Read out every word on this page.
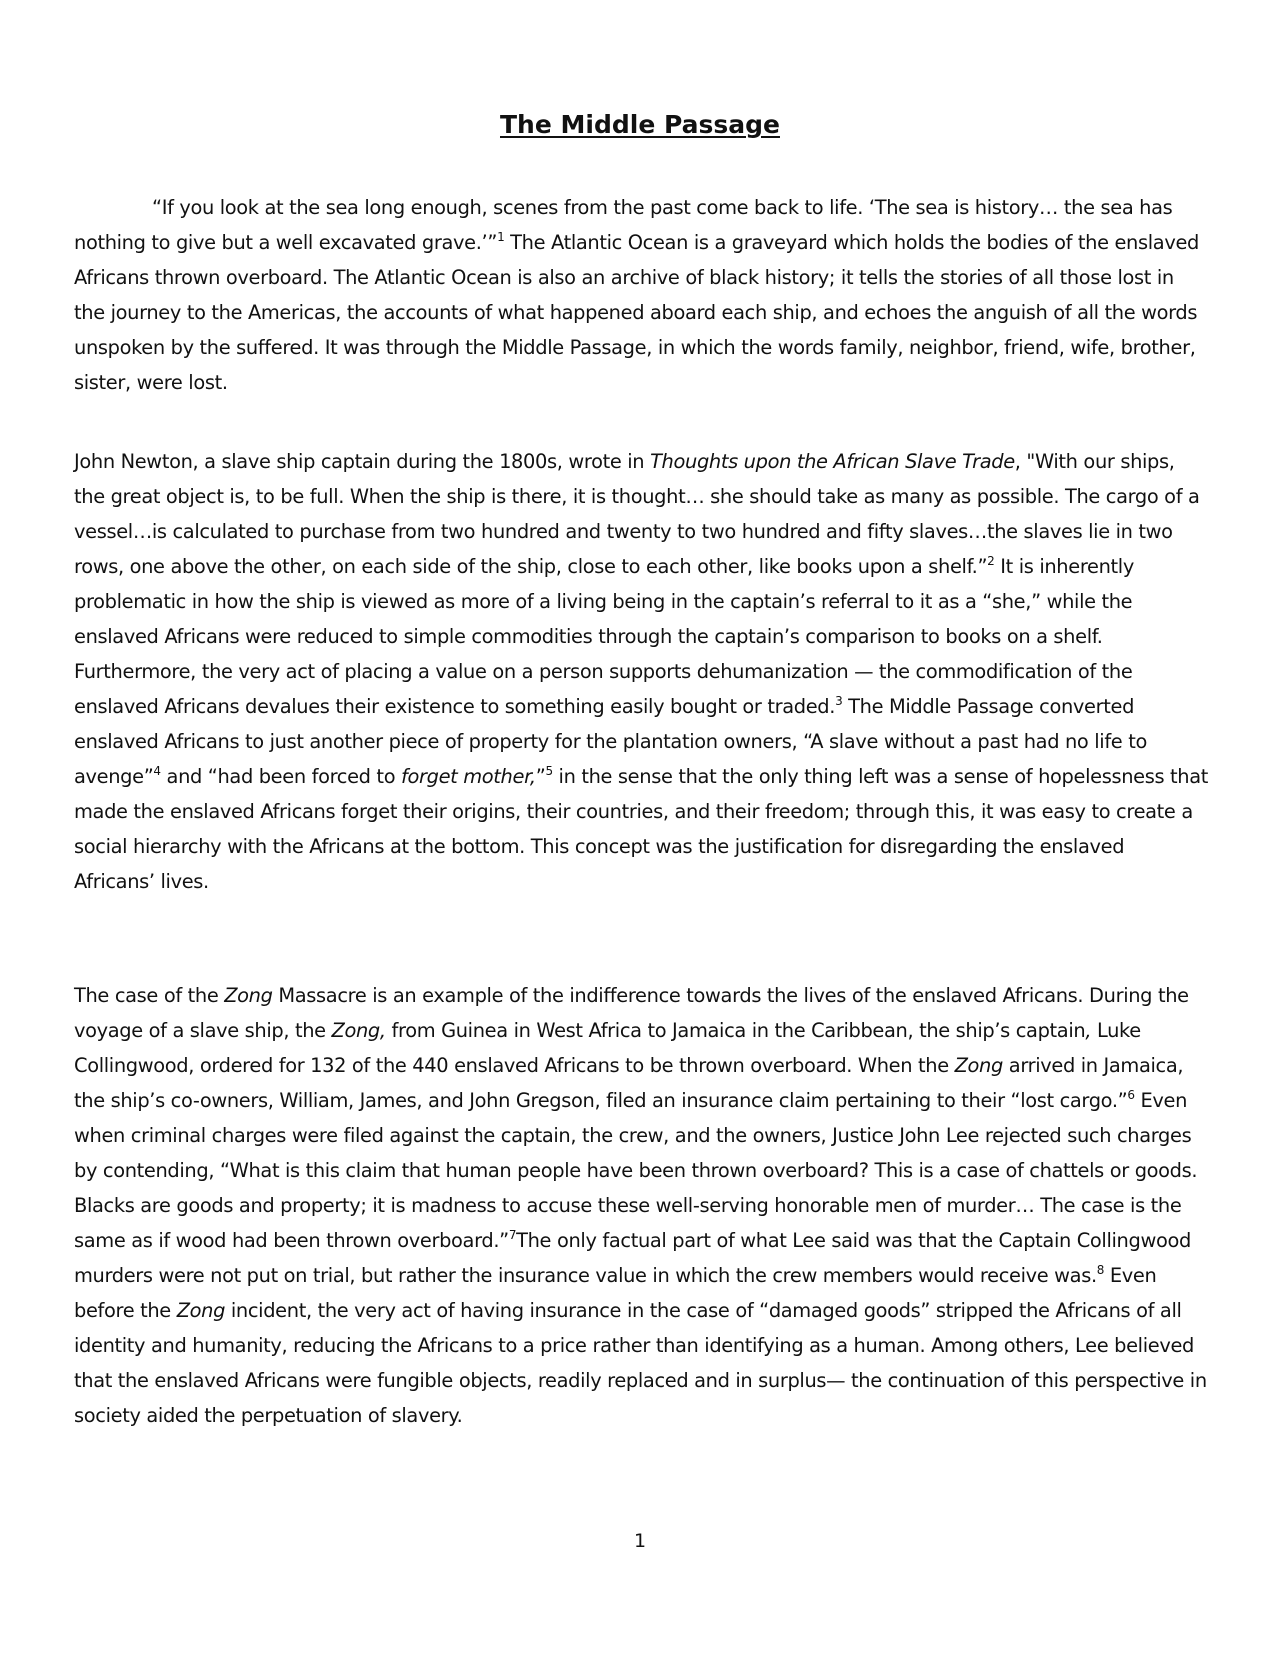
The Middle Passage

“If you look at the sea long enough, scenes from the past come back to life. ‘The sea is history… the sea has nothing to give but a well excavated grave.’”$^1$ The Atlantic Ocean is a graveyard which holds the bodies of the enslaved Africans thrown overboard. The Atlantic Ocean is also an archive of black history; it tells the stories of all those lost in the journey to the Americas, the accounts of what happened aboard each ship, and echoes the anguish of all the words unspoken by the suffered. It was through the Middle Passage, in which the words family, neighbor, friend, wife, brother, sister, were lost.

John Newton, a slave ship captain during the 1800s, wrote in Thoughts upon the African Slave Trade, "With our ships, the great object is, to be full. When the ship is there, it is thought… she should take as many as possible. The cargo of a vessel…is calculated to purchase from two hundred and twenty to two hundred and fifty slaves…the slaves lie in two rows, one above the other, on each side of the ship, close to each other, like books upon a shelf.”$^2$ It is inherently problematic in how the ship is viewed as more of a living being in the captain’s referral to it as a “she,” while the enslaved Africans were reduced to simple commodities through the captain’s comparison to books on a shelf. Furthermore, the very act of placing a value on a person supports dehumanization — the commodification of the enslaved Africans devalues their existence to something easily bought or traded.$^3$ The Middle Passage converted enslaved Africans to just another piece of property for the plantation owners, “A slave without a past had no life to avenge”$^4$ and “had been forced to forget mother,”$^5$ in the sense that the only thing left was a sense of hopelessness that made the enslaved Africans forget their origins, their countries, and their freedom; through this, it was easy to create a social hierarchy with the Africans at the bottom. This concept was the justification for disregarding the enslaved Africans’ lives.

The case of the Zong Massacre is an example of the indifference towards the lives of the enslaved Africans. During the voyage of a slave ship, the Zong, from Guinea in West Africa to Jamaica in the Caribbean, the ship’s captain, Luke Collingwood, ordered for 132 of the 440 enslaved Africans to be thrown overboard. When the Zong arrived in Jamaica, the ship’s co-owners, William, James, and John Gregson, filed an insurance claim pertaining to their “lost cargo.”$^6$ Even when criminal charges were filed against the captain, the crew, and the owners, Justice John Lee rejected such charges by contending, “What is this claim that human people have been thrown overboard? This is a case of chattels or goods. Blacks are goods and property; it is madness to accuse these well-serving honorable men of murder… The case is the same as if wood had been thrown overboard.”$^7$The only factual part of what Lee said was that the Captain Collingwood murders were not put on trial, but rather the insurance value in which the crew members would receive was.$^8$ Even before the Zong incident, the very act of having insurance in the case of “damaged goods” stripped the Africans of all identity and humanity, reducing the Africans to a price rather than identifying as a human. Among others, Lee believed that the enslaved Africans were fungible objects, readily replaced and in surplus— the continuation of this perspective in society aided the perpetuation of slavery.

1
